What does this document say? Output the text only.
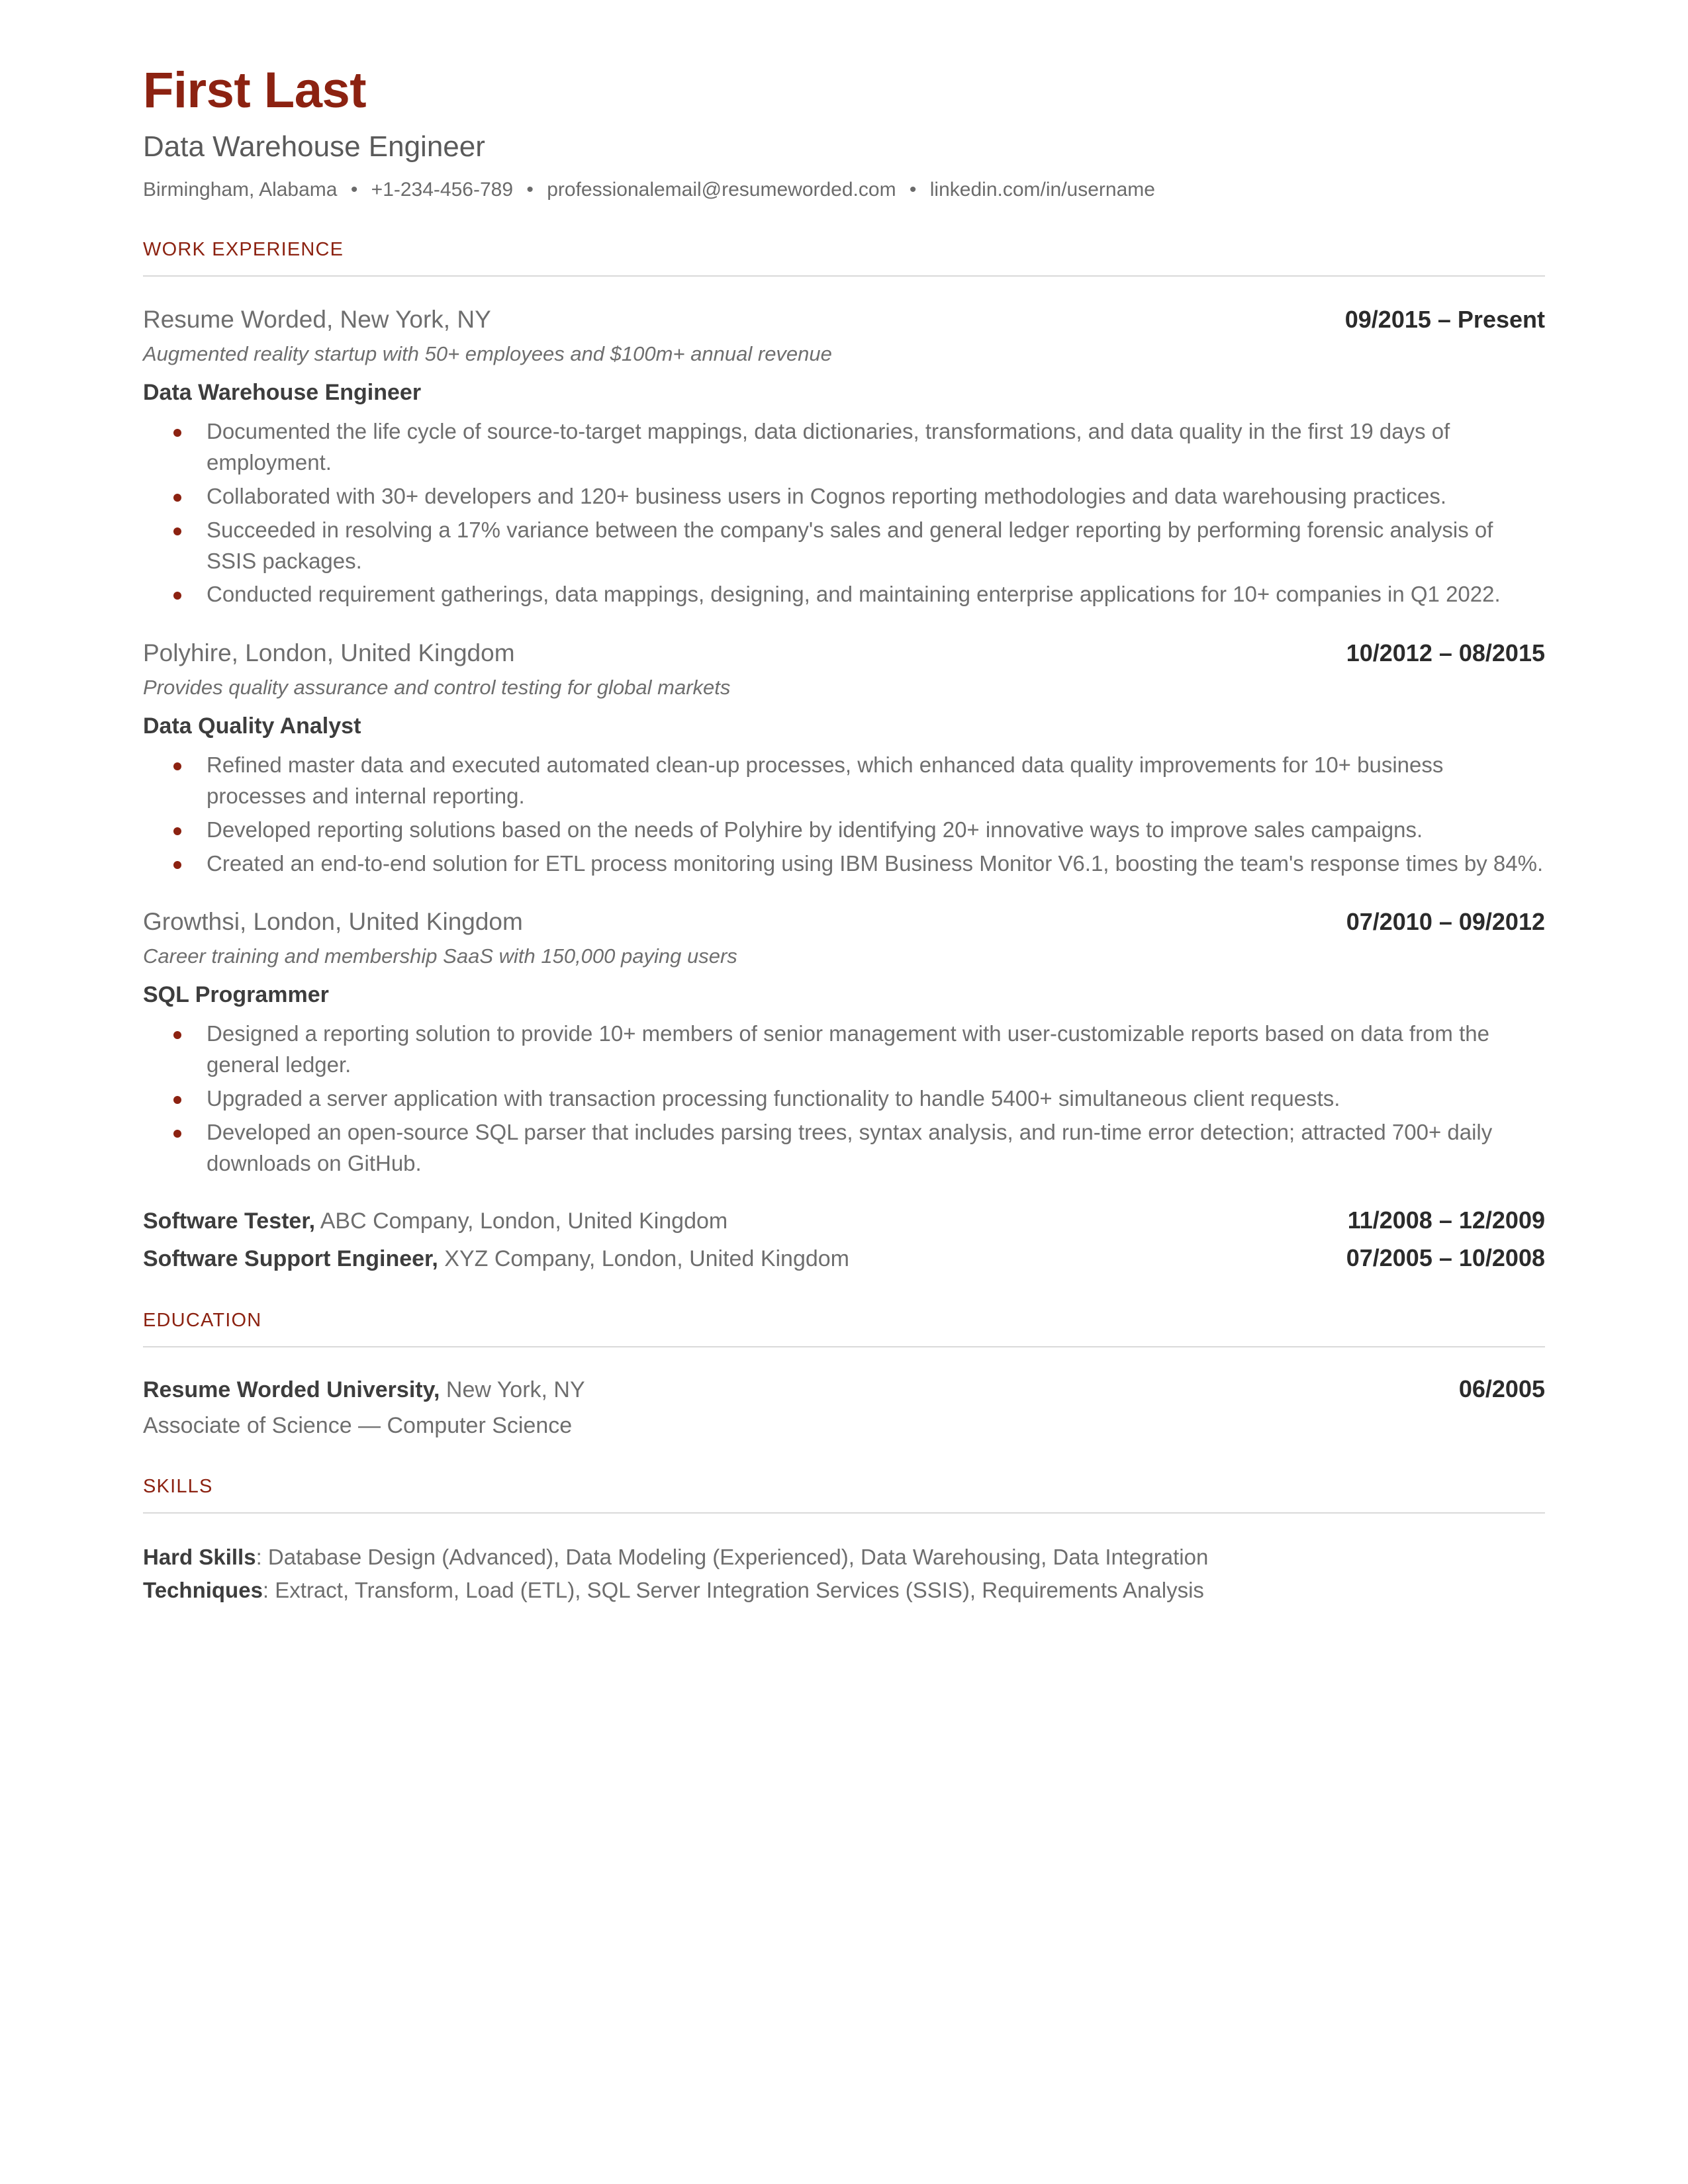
First Last
Data Warehouse Engineer
Birmingham, Alabama • +1-234-456-789 • professionalemail@resumeworded.com • linkedin.com/in/username
WORK EXPERIENCE
Resume Worded, New York, NY	09/2015 – Present
Augmented reality startup with 50+ employees and $100m+ annual revenue
Data Warehouse Engineer
Documented the life cycle of source-to-target mappings, data dictionaries, transformations, and data quality in the first 19 days of employment.
Collaborated with 30+ developers and 120+ business users in Cognos reporting methodologies and data warehousing practices.
Succeeded in resolving a 17% variance between the company's sales and general ledger reporting by performing forensic analysis of SSIS packages.
Conducted requirement gatherings, data mappings, designing, and maintaining enterprise applications for 10+ companies in Q1 2022.
Polyhire, London, United Kingdom	10/2012 – 08/2015
Provides quality assurance and control testing for global markets
Data Quality Analyst
Refined master data and executed automated clean-up processes, which enhanced data quality improvements for 10+ business processes and internal reporting.
Developed reporting solutions based on the needs of Polyhire by identifying 20+ innovative ways to improve sales campaigns.
Created an end-to-end solution for ETL process monitoring using IBM Business Monitor V6.1, boosting the team's response times by 84%.
Growthsi, London, United Kingdom	07/2010 – 09/2012
Career training and membership SaaS with 150,000 paying users
SQL Programmer
Designed a reporting solution to provide 10+ members of senior management with user-customizable reports based on data from the general ledger.
Upgraded a server application with transaction processing functionality to handle 5400+ simultaneous client requests.
Developed an open-source SQL parser that includes parsing trees, syntax analysis, and run-time error detection; attracted 700+ daily downloads on GitHub.
Software Tester, ABC Company, London, United Kingdom	11/2008 – 12/2009
Software Support Engineer, XYZ Company, London, United Kingdom	07/2005 – 10/2008
EDUCATION
Resume Worded University, New York, NY	06/2005
Associate of Science — Computer Science
SKILLS
Hard Skills: Database Design (Advanced), Data Modeling (Experienced), Data Warehousing, Data Integration
Techniques: Extract, Transform, Load (ETL), SQL Server Integration Services (SSIS), Requirements Analysis
